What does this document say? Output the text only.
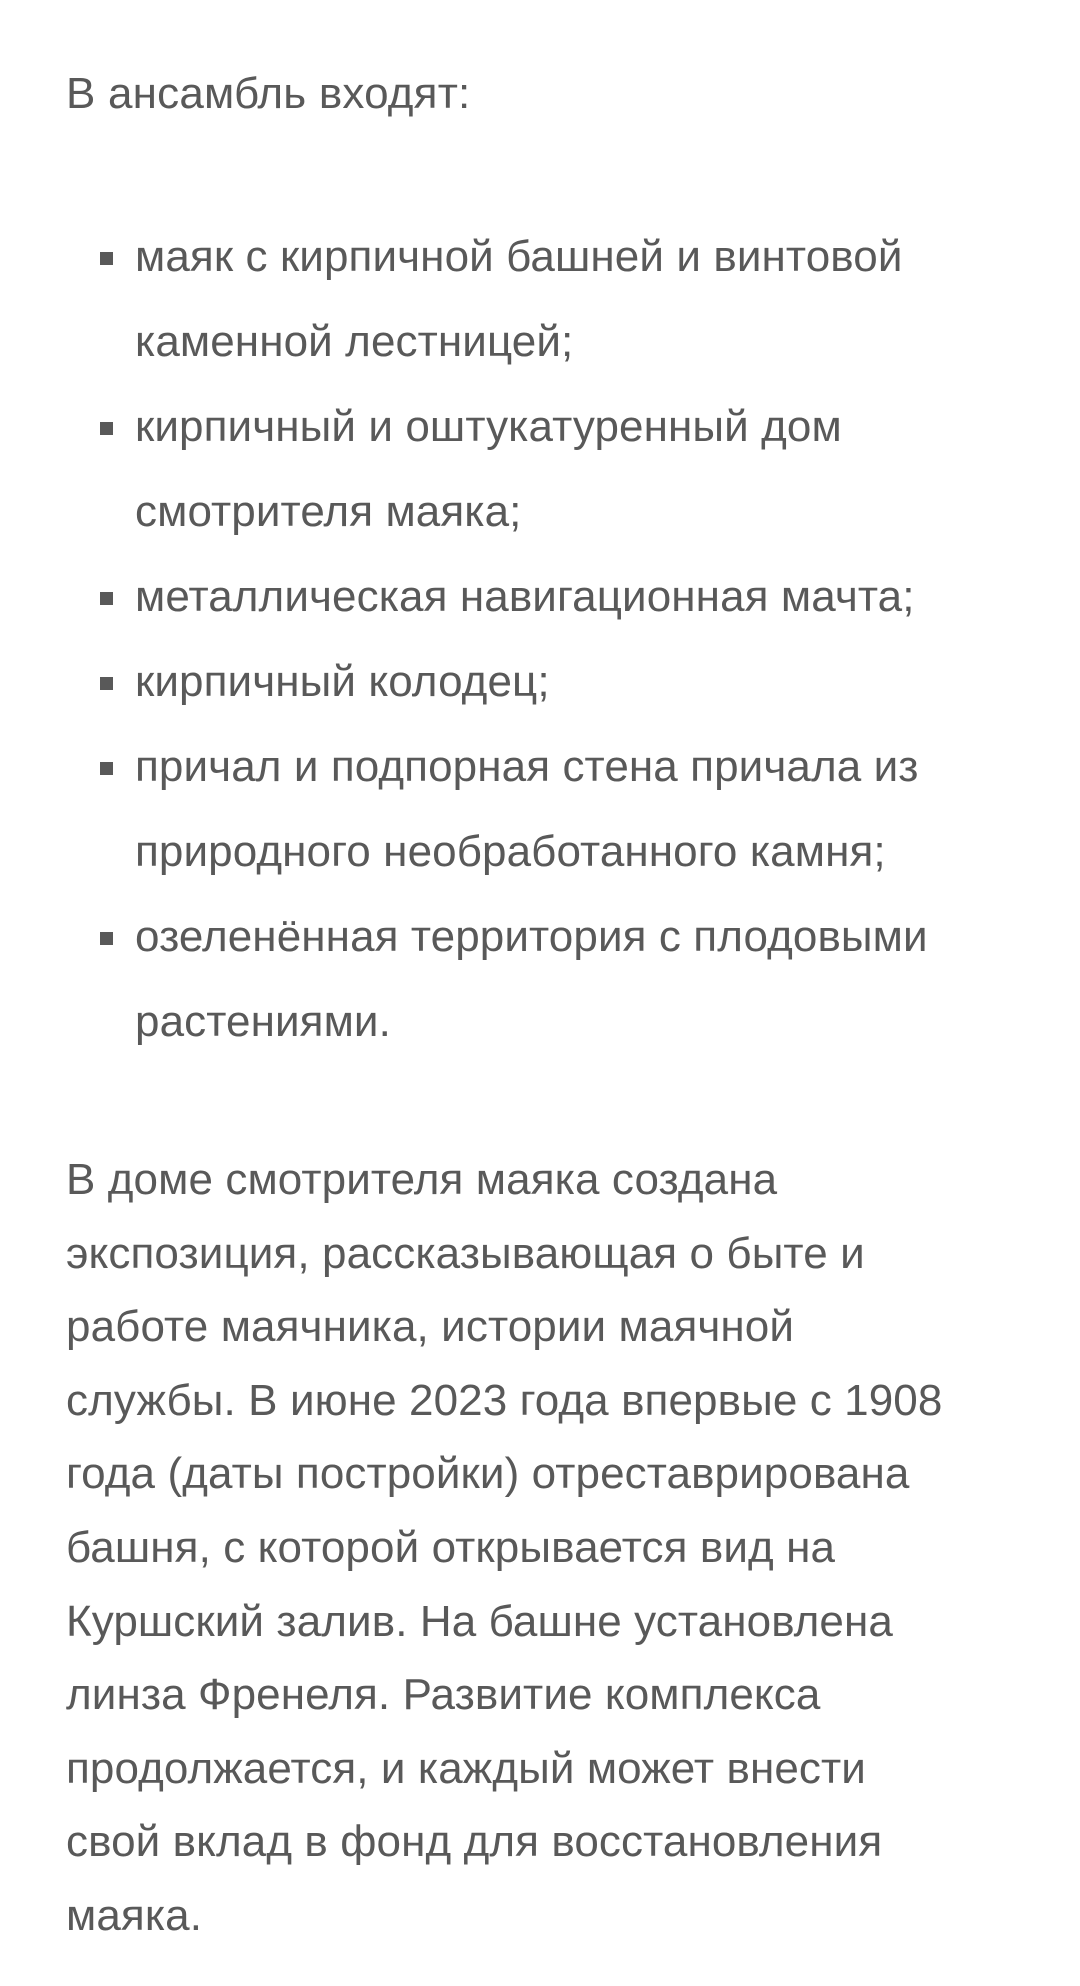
В ансамбль входят:

маяк с кирпичной башней и винтовой
каменной лестницей;
кирпичный и оштукатуренный дом
смотрителя маяка;
металлическая навигационная мачта;
кирпичный колодец;
причал и подпорная стена причала из
природного необработанного камня;
озеленённая территория с плодовыми
растениями.

В доме смотрителя маяка создана
экспозиция, рассказывающая о быте и
работе маячника, истории маячной
службы. В июне 2023 года впервые с 1908
года (даты постройки) отреставрирована
башня, с которой открывается вид на
Куршский залив. На башне установлена
линза Френеля. Развитие комплекса
продолжается, и каждый может внести
свой вклад в фонд для восстановления
маяка.
